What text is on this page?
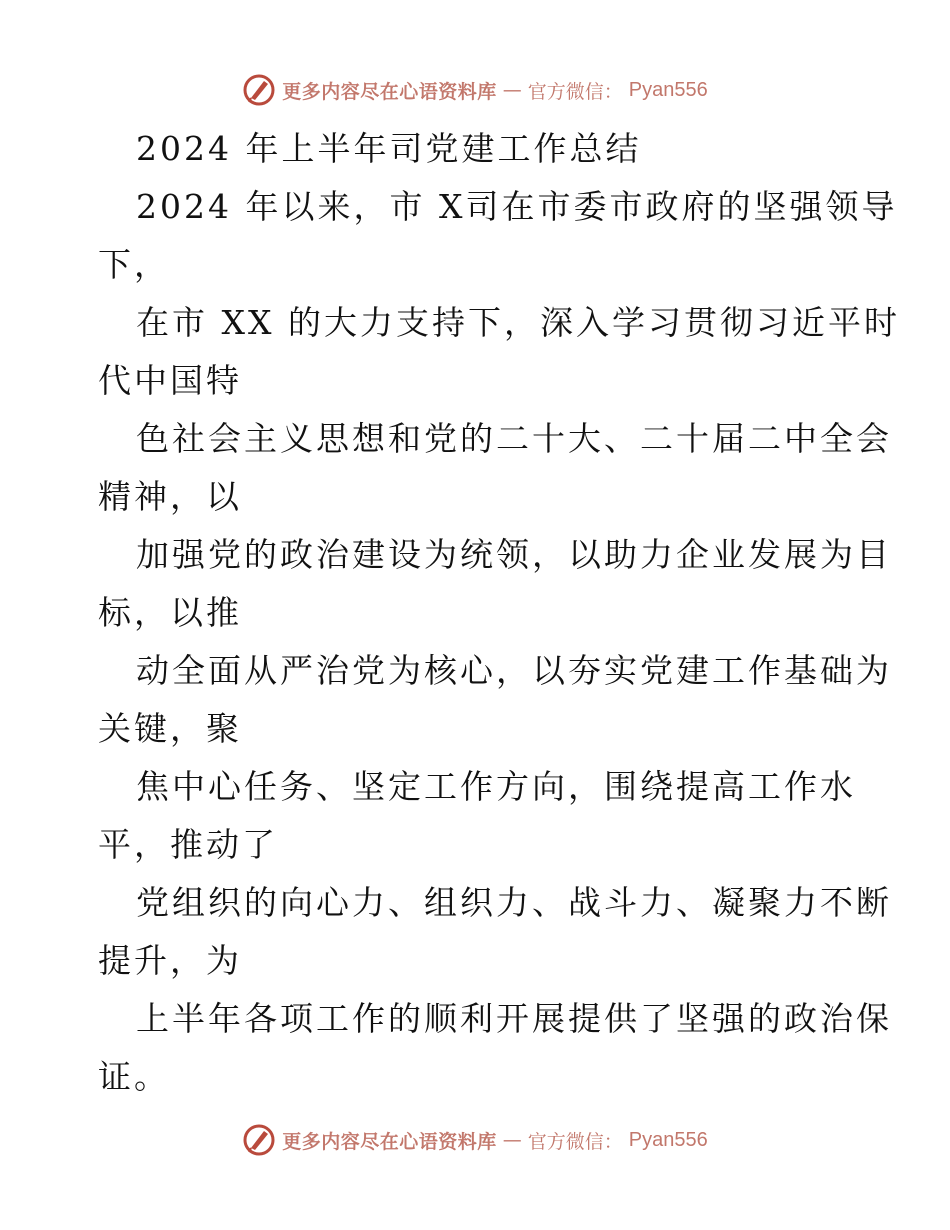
更多内容尽在心语资料库 — 官方微信： Pyan556
2024 年上半年司党建工作总结
2024 年以来，市 X司在市委市政府的坚强领导
下，
在市 XX 的大力支持下，深入学习贯彻习近平时
代中国特
色社会主义思想和党的二十大、二十届二中全会
精神，以
加强党的政治建设为统领，以助力企业发展为目
标，以推
动全面从严治党为核心，以夯实党建工作基础为
关键，聚
焦中心任务、坚定工作方向，围绕提高工作水
平，推动了
党组织的向心力、组织力、战斗力、凝聚力不断
提升，为
上半年各项工作的顺利开展提供了坚强的政治保
证。
更多内容尽在心语资料库 — 官方微信： Pyan556
